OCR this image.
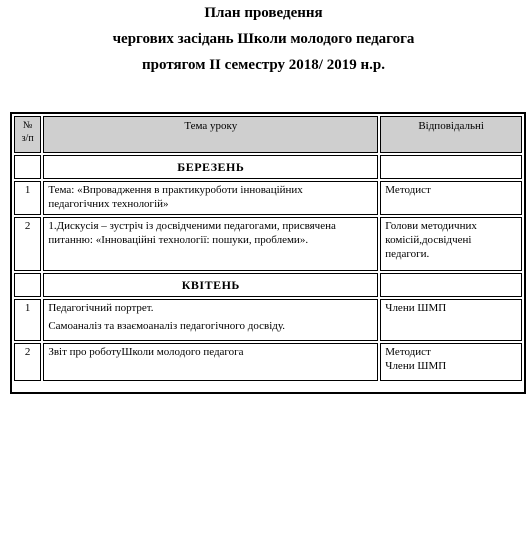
План проведення
чергових засідань Школи молодого педагога
протягом ІІ семестру 2018/ 2019 н.р.
№
з/п	Тема уроку	Відповідальні
	БЕРЕЗЕНЬ	
1	Тема: «Впровадження в практикуроботи інноваційних
педагогічних технологій»	Методист

2	1.Дискусія – зустріч із досвідченими педагогами, присвячена
питанню: «Інноваційні технології: пошуки, проблеми».	Голови методичних
комісій,досвідчені
педагоги.

	КВІТЕНЬ	
1	Педагогічний портрет.
Самоаналіз та взаємоаналіз педагогічного досвіду.	Члени ШМП

2	Звіт про роботуШколи молодого педагога	Методист
Члени ШМП
